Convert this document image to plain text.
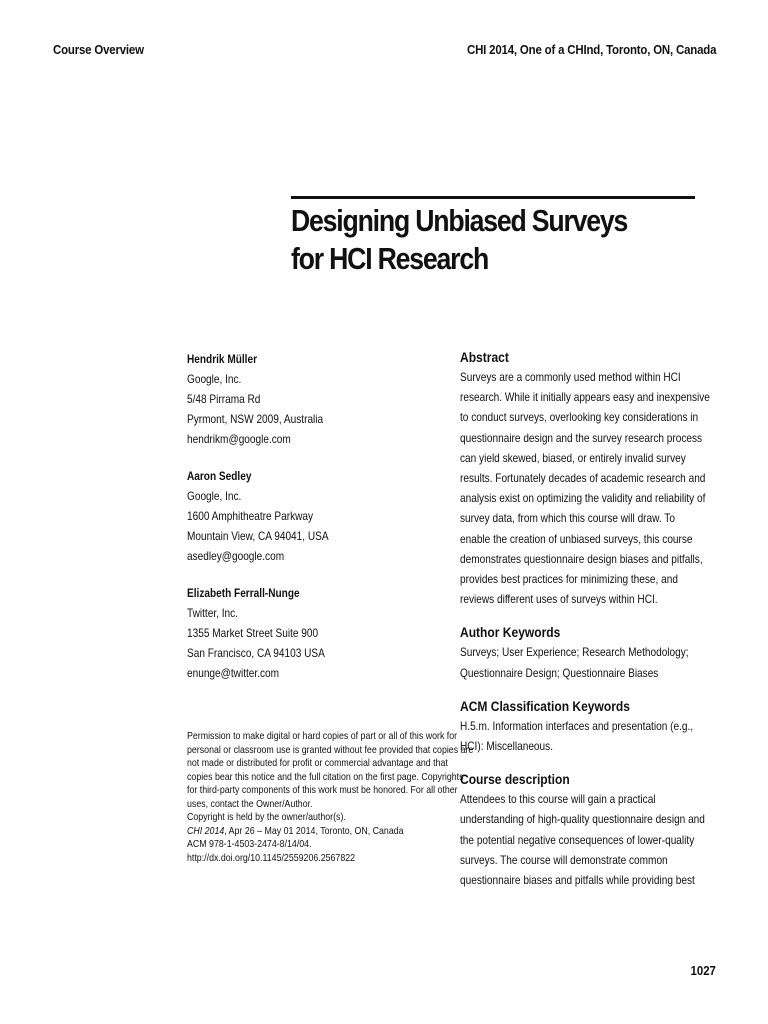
Course Overview	CHI 2014, One of a CHInd, Toronto, ON, Canada
Designing Unbiased Surveys
for HCI Research
Hendrik Müller
Google, Inc.
5/48 Pirrama Rd
Pyrmont, NSW 2009, Australia
hendrikm@google.com
Aaron Sedley
Google, Inc.
1600 Amphitheatre Parkway
Mountain View, CA 94041, USA
asedley@google.com
Elizabeth Ferrall-Nunge
Twitter, Inc.
1355 Market Street Suite 900
San Francisco, CA 94103 USA
enunge@twitter.com
Permission to make digital or hard copies of part or all of this work for
personal or classroom use is granted without fee provided that copies are
not made or distributed for profit or commercial advantage and that
copies bear this notice and the full citation on the first page. Copyrights
for third-party components of this work must be honored. For all other
uses, contact the Owner/Author.
Copyright is held by the owner/author(s).
CHI 2014, Apr 26 – May 01 2014, Toronto, ON, Canada
ACM 978-1-4503-2474-8/14/04.
http://dx.doi.org/10.1145/2559206.2567822
Abstract
Surveys are a commonly used method within HCI
research. While it initially appears easy and inexpensive
to conduct surveys, overlooking key considerations in
questionnaire design and the survey research process
can yield skewed, biased, or entirely invalid survey
results. Fortunately decades of academic research and
analysis exist on optimizing the validity and reliability of
survey data, from which this course will draw. To
enable the creation of unbiased surveys, this course
demonstrates questionnaire design biases and pitfalls,
provides best practices for minimizing these, and
reviews different uses of surveys within HCI.
Author Keywords
Surveys; User Experience; Research Methodology;
Questionnaire Design; Questionnaire Biases
ACM Classification Keywords
H.5.m. Information interfaces and presentation (e.g.,
HCI): Miscellaneous.
Course description
Attendees to this course will gain a practical
understanding of high-quality questionnaire design and
the potential negative consequences of lower-quality
surveys. The course will demonstrate common
questionnaire biases and pitfalls while providing best
1027
